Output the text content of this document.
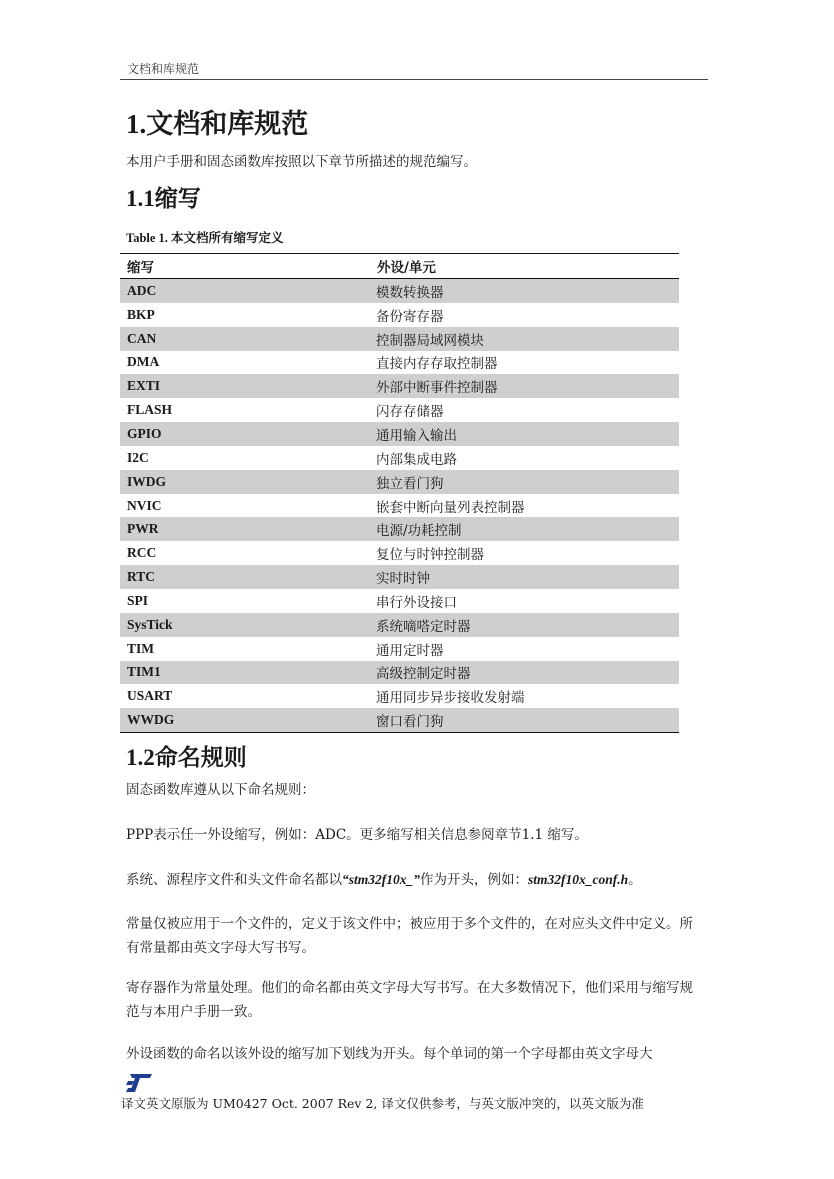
文档和库规范
1.文档和库规范
本用户手册和固态函数库按照以下章节所描述的规范编写。
1.1缩写
Table 1. 本文档所有缩写定义
缩写	外设/单元
ADC	模数转换器
BKP	备份寄存器
CAN	控制器局域网模块
DMA	直接内存存取控制器
EXTI	外部中断事件控制器
FLASH	闪存存储器
GPIO	通用输入输出
I2C	内部集成电路
IWDG	独立看门狗
NVIC	嵌套中断向量列表控制器
PWR	电源/功耗控制
RCC	复位与时钟控制器
RTC	实时时钟
SPI	串行外设接口
SysTick	系统嘀嗒定时器
TIM	通用定时器
TIM1	高级控制定时器
USART	通用同步异步接收发射端
WWDG	窗口看门狗
1.2命名规则
固态函数库遵从以下命名规则：
PPP表示任一外设缩写，例如：ADC。更多缩写相关信息参阅章节1.1 缩写。
系统、源程序文件和头文件命名都以“stm32f10x_”作为开头，例如：stm32f10x_conf.h。
常量仅被应用于一个文件的，定义于该文件中；被应用于多个文件的，在对应头文件中定义。所有常量都由英文字母大写书写。
寄存器作为常量处理。他们的命名都由英文字母大写书写。在大多数情况下，他们采用与缩写规范与本用户手册一致。
外设函数的命名以该外设的缩写加下划线为开头。每个单词的第一个字母都由英文字母大
译文英文原版为 UM0427 Oct. 2007 Rev 2, 译文仅供参考，与英文版冲突的，以英文版为准
